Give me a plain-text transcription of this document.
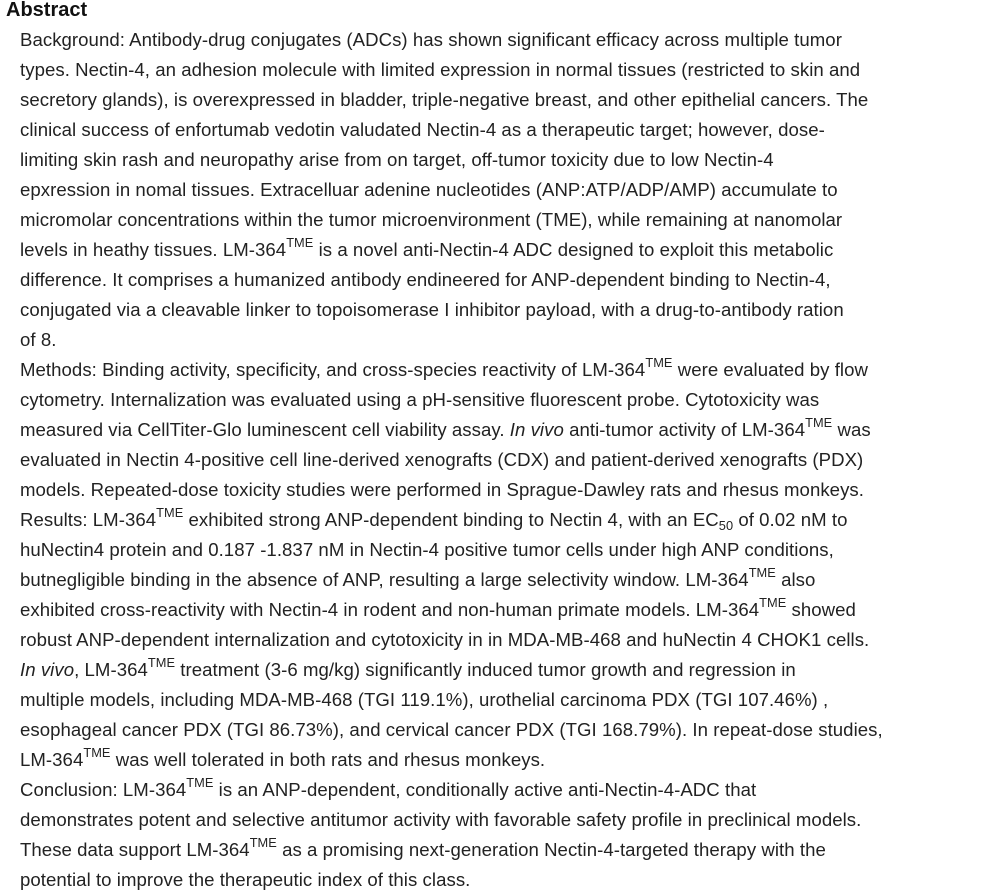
Abstract
Background: Antibody-drug conjugates (ADCs) has shown significant efficacy across multiple tumor
types. Nectin-4, an adhesion molecule with limited expression in normal tissues (restricted to skin and
secretory glands), is overexpressed in bladder, triple-negative breast, and other epithelial cancers. The
clinical success of enfortumab vedotin valudated Nectin-4 as a therapeutic target; however, dose-
limiting skin rash and neuropathy arise from on target, off-tumor toxicity due to low Nectin-4
epxression in nomal tissues. Extracelluar adenine nucleotides (ANP:ATP/ADP/AMP) accumulate to
micromolar concentrations within the tumor microenvironment (TME), while remaining at nanomolar
levels in heathy tissues. $LM-364^{TME}$ is a novel anti-Nectin-4 ADC designed to exploit this metabolic
difference. It comprises a humanized antibody endineered for ANP-dependent binding to Nectin-4,
conjugated via a cleavable linker to topoisomerase I inhibitor payload, with a drug-to-antibody ration
of 8.
Methods: Binding activity, specificity, and cross-species reactivity of $LM-364^{TME}$ were evaluated by flow
cytometry. Internalization was evaluated using a pH-sensitive fluorescent probe. Cytotoxicity was
measured via CellTiter-Glo luminescent cell viability assay. In vivo anti-tumor activity of $LM-364^{TME}$ was
evaluated in Nectin 4-positive cell line-derived xenografts (CDX) and patient-derived xenografts (PDX)
models. Repeated-dose toxicity studies were performed in Sprague-Dawley rats and rhesus monkeys.
Results: $LM-364^{TME}$ exhibited strong ANP-dependent binding to Nectin 4, with an $EC_{50}$ of 0.02 nM to
huNectin4 protein and 0.187 -1.837 nM in Nectin-4 positive tumor cells under high ANP conditions,
butnegligible binding in the absence of ANP, resulting a large selectivity window. $LM-364^{TME}$ also
exhibited cross-reactivity with Nectin-4 in rodent and non-human primate models. $LM-364^{TME}$ showed
robust ANP-dependent internalization and cytotoxicity in in MDA-MB-468 and huNectin 4 CHOK1 cells.
In vivo, $LM-364^{TME}$ treatment (3-6 mg/kg) significantly induced tumor growth and regression in
multiple models, including MDA-MB-468 (TGI 119.1%), urothelial carcinoma PDX (TGI 107.46%) ,
esophageal cancer PDX (TGI 86.73%), and cervical cancer PDX (TGI 168.79%). In repeat-dose studies,
$LM-364^{TME}$ was well tolerated in both rats and rhesus monkeys.
Conclusion: $LM-364^{TME}$ is an ANP-dependent, conditionally active anti-Nectin-4-ADC that
demonstrates potent and selective antitumor activity with favorable safety profile in preclinical models.
These data support $LM-364^{TME}$ as a promising next-generation Nectin-4-targeted therapy with the
potential to improve the therapeutic index of this class.
